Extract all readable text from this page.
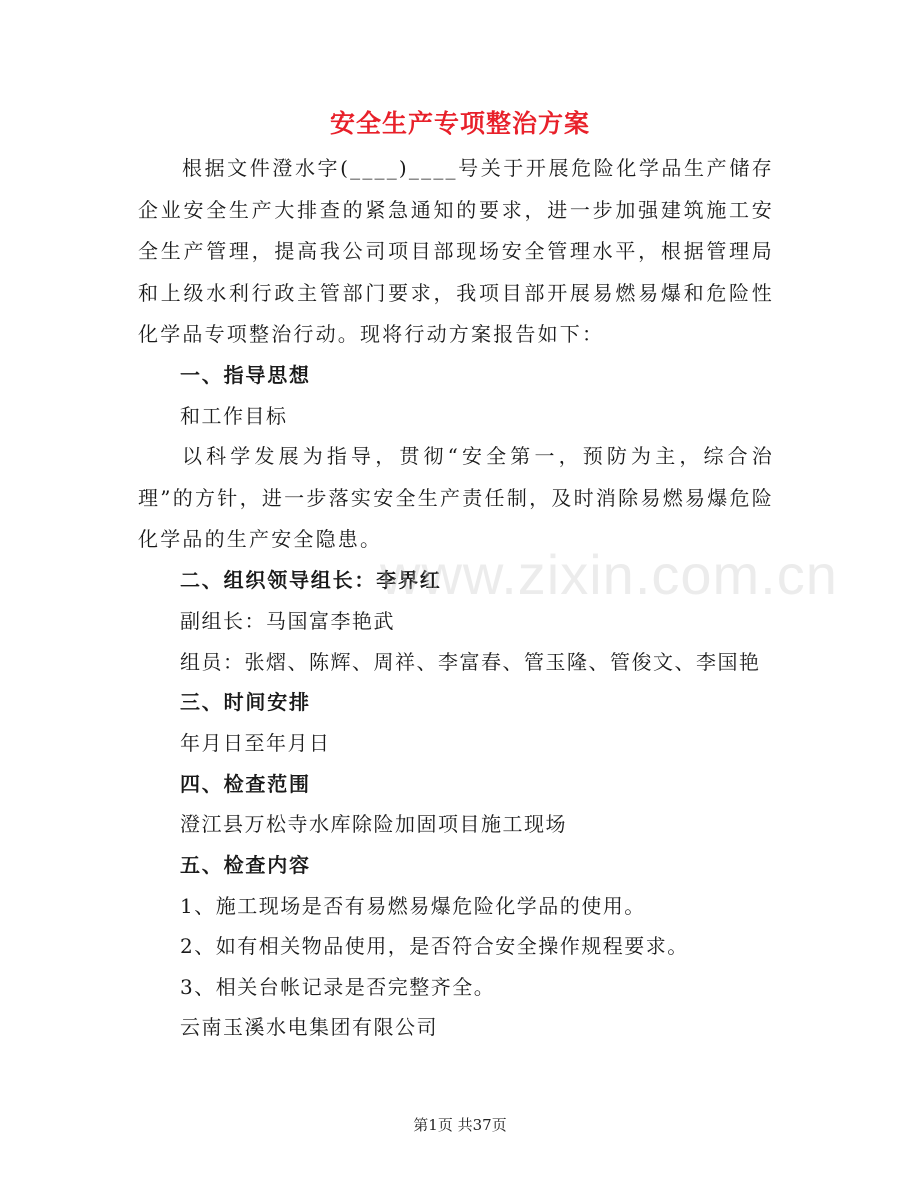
安全生产专项整治方案
根据文件澄水字(____)____号关于开展危险化学品生产储存企业安全生产大排查的紧急通知的要求，进一步加强建筑施工安全生产管理，提高我公司项目部现场安全管理水平，根据管理局和上级水利行政主管部门要求，我项目部开展易燃易爆和危险性化学品专项整治行动。现将行动方案报告如下：
一、指导思想
和工作目标
以科学发展为指导，贯彻“安全第一，预防为主，综合治理”的方针，进一步落实安全生产责任制，及时消除易燃易爆危险化学品的生产安全隐患。
二、组织领导组长：李界红
副组长：马国富李艳武
组员：张熠、陈辉、周祥、李富春、管玉隆、管俊文、李国艳
三、时间安排
年月日至年月日
四、检查范围
澄江县万松寺水库除险加固项目施工现场
五、检查内容
1、施工现场是否有易燃易爆危险化学品的使用。
2、如有相关物品使用，是否符合安全操作规程要求。
3、相关台帐记录是否完整齐全。
云南玉溪水电集团有限公司
www.zixin.com.cn
第1页 共37页
